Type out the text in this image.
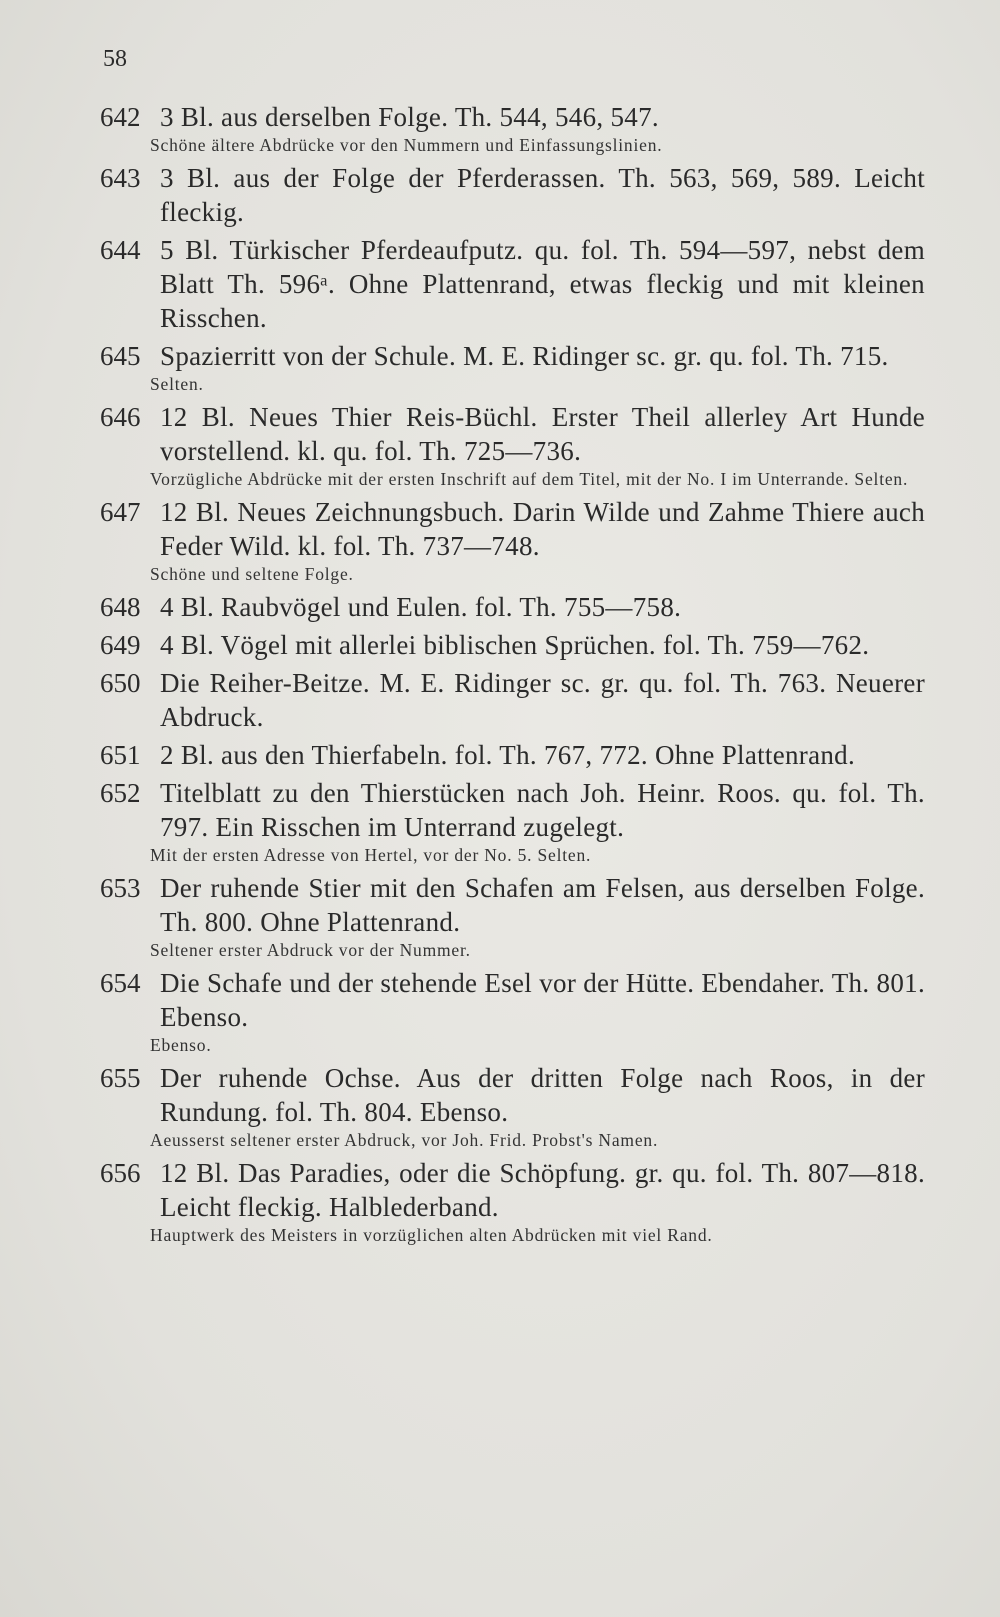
58
642 3 Bl. aus derselben Folge. Th. 544, 546, 547.
Schöne ältere Abdrücke vor den Nummern und Einfassungslinien.
643 3 Bl. aus der Folge der Pferderassen. Th. 563, 569, 589. Leicht fleckig.
644 5 Bl. Türkischer Pferdeaufputz. qu. fol. Th. 594—597, nebst dem Blatt Th. 596ᵃ. Ohne Plattenrand, etwas fleckig und mit kleinen Risschen.
645 Spazierritt von der Schule. M. E. Ridinger sc. gr. qu. fol. Th. 715.
Selten.
646 12 Bl. Neues Thier Reis-Büchl. Erster Theil allerley Art Hunde vorstellend. kl. qu. fol. Th. 725—736.
Vorzügliche Abdrücke mit der ersten Inschrift auf dem Titel, mit der No. I im Unterrande. Selten.
647 12 Bl. Neues Zeichnungsbuch. Darin Wilde und Zahme Thiere auch Feder Wild. kl. fol. Th. 737—748.
Schöne und seltene Folge.
648 4 Bl. Raubvögel und Eulen. fol. Th. 755—758.
649 4 Bl. Vögel mit allerlei biblischen Sprüchen. fol. Th. 759—762.
650 Die Reiher-Beitze. M. E. Ridinger sc. gr. qu. fol. Th. 763. Neuerer Abdruck.
651 2 Bl. aus den Thierfabeln. fol. Th. 767, 772. Ohne Plattenrand.
652 Titelblatt zu den Thierstücken nach Joh. Heinr. Roos. qu. fol. Th. 797. Ein Risschen im Unterrand zugelegt.
Mit der ersten Adresse von Hertel, vor der No. 5. Selten.
653 Der ruhende Stier mit den Schafen am Felsen, aus derselben Folge. Th. 800. Ohne Plattenrand.
Seltener erster Abdruck vor der Nummer.
654 Die Schafe und der stehende Esel vor der Hütte. Ebendaher. Th. 801. Ebenso.
Ebenso.
655 Der ruhende Ochse. Aus der dritten Folge nach Roos, in der Rundung. fol. Th. 804. Ebenso.
Aeusserst seltener erster Abdruck, vor Joh. Frid. Probst's Namen.
656 12 Bl. Das Paradies, oder die Schöpfung. gr. qu. fol. Th. 807—818. Leicht fleckig. Halblederband.
Hauptwerk des Meisters in vorzüglichen alten Abdrücken mit viel Rand.
